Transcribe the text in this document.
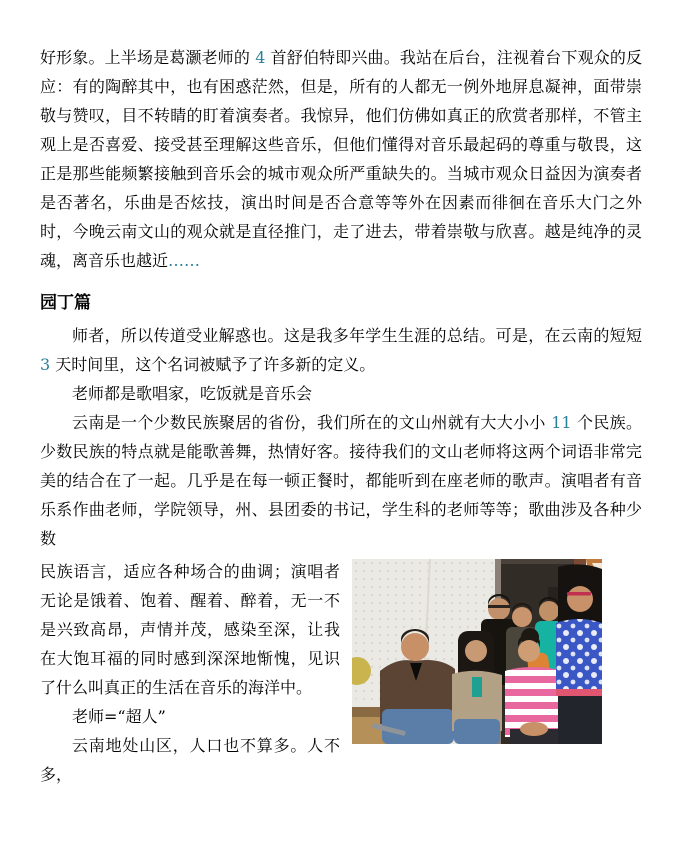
好形象。上半场是葛灏老师的 4 首舒伯特即兴曲。我站在后台，注视着台下观众的反应：有的陶醉其中，也有困惑茫然，但是，所有的人都无一例外地屏息凝神，面带崇敬与赞叹，目不转睛的盯着演奏者。我惊异，他们仿佛如真正的欣赏者那样，不管主观上是否喜爱、接受甚至理解这些音乐，但他们懂得对音乐最起码的尊重与敬畏，这正是那些能频繁接触到音乐会的城市观众所严重缺失的。当城市观众日益因为演奏者是否著名，乐曲是否炫技，演出时间是否合意等等外在因素而徘徊在音乐大门之外时，今晚云南文山的观众就是直径推门，走了进去，带着崇敬与欣喜。越是纯净的灵魂，离音乐也越近……

园丁篇

师者，所以传道受业解惑也。这是我多年学生生涯的总结。可是，在云南的短短 3 天时间里，这个名词被赋予了许多新的定义。

老师都是歌唱家，吃饭就是音乐会

云南是一个少数民族聚居的省份，我们所在的文山州就有大大小小 11 个民族。少数民族的特点就是能歌善舞，热情好客。接待我们的文山老师将这两个词语非常完美的结合在了一起。几乎是在每一顿正餐时，都能听到在座老师的歌声。演唱者有音乐系作曲老师，学院领导，州、县团委的书记，学生科的老师等等；歌曲涉及各种少数

民族语言，适应各种场合的曲调；演唱者无论是饿着、饱着、醒着、醉着，无一不是兴致高昂，声情并茂，感染至深，让我在大饱耳福的同时感到深深地惭愧，见识了什么叫真正的生活在音乐的海洋中。

老师=“超人”

云南地处山区，人口也不算多。人不多，
